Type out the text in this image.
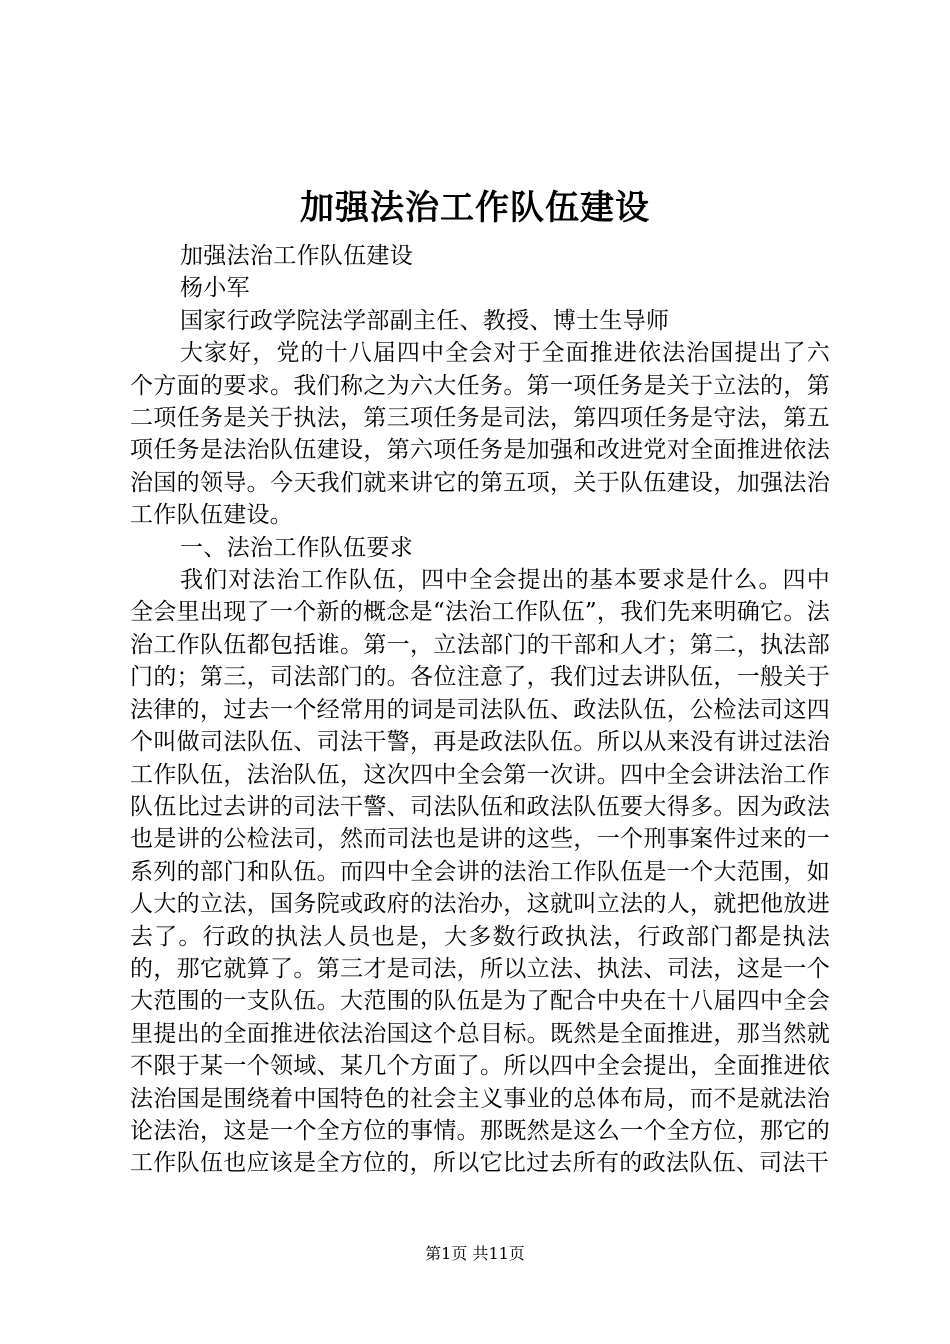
加强法治工作队伍建设

加强法治工作队伍建设

杨小军

国家行政学院法学部副主任、教授、博士生导师

大家好，党的十八届四中全会对于全面推进依法治国提出了六个方面的要求。我们称之为六大任务。第一项任务是关于立法的，第二项任务是关于执法，第三项任务是司法，第四项任务是守法，第五项任务是法治队伍建设，第六项任务是加强和改进党对全面推进依法治国的领导。今天我们就来讲它的第五项，关于队伍建设，加强法治工作队伍建设。

一、法治工作队伍要求

我们对法治工作队伍，四中全会提出的基本要求是什么。四中全会里出现了一个新的概念是“法治工作队伍”，我们先来明确它。法治工作队伍都包括谁。第一，立法部门的干部和人才；第二，执法部门的；第三，司法部门的。各位注意了，我们过去讲队伍，一般关于法律的，过去一个经常用的词是司法队伍、政法队伍，公检法司这四个叫做司法队伍、司法干警，再是政法队伍。所以从来没有讲过法治工作队伍，法治队伍，这次四中全会第一次讲。四中全会讲法治工作队伍比过去讲的司法干警、司法队伍和政法队伍要大得多。因为政法也是讲的公检法司，然而司法也是讲的这些，一个刑事案件过来的一系列的部门和队伍。而四中全会讲的法治工作队伍是一个大范围，如人大的立法，国务院或政府的法治办，这就叫立法的人，就把他放进去了。行政的执法人员也是，大多数行政执法，行政部门都是执法的，那它就算了。第三才是司法，所以立法、执法、司法，这是一个大范围的一支队伍。大范围的队伍是为了配合中央在十八届四中全会里提出的全面推进依法治国这个总目标。既然是全面推进，那当然就不限于某一个领域、某几个方面了。所以四中全会提出，全面推进依法治国是围绕着中国特色的社会主义事业的总体布局，而不是就法治论法治，这是一个全方位的事情。那既然是这么一个全方位，那它的工作队伍也应该是全方位的，所以它比过去所有的政法队伍、司法干

第1页 共11页
